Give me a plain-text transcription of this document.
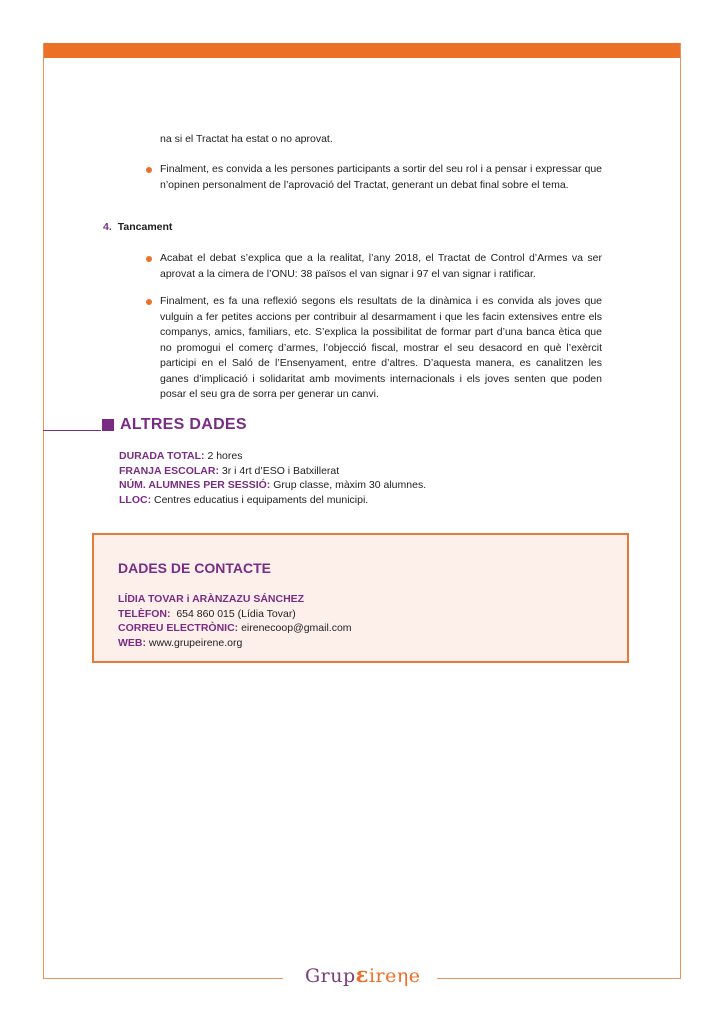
na si el Tractat ha estat o no aprovat.

Finalment, es convida a les persones participants a sortir del seu rol i a pensar i expressar que n’opinen personalment de l’aprovació del Tractat, generant un debat final sobre el tema.
4. Tancament
Acabat el debat s’explica que a la realitat, l’any 2018, el Tractat de Control d’Armes va ser aprovat a la cimera de l’ONU: 38 països el van signar i 97 el van signar i ratificar.
Finalment, es fa una reflexió segons els resultats de la dinàmica i es convida als joves que vulguin a fer petites accions per contribuir al desarmament i que les facin extensives entre els companys, amics, familiars, etc. S’explica la possibilitat de formar part d’una banca ètica que no promogui el comerç d’armes, l’objecció fiscal, mostrar el seu desacord en què l’exèrcit participi en el Saló de l’Ensenyament, entre d’altres. D’aquesta manera, es canalitzen les ganes d’implicació i solidaritat amb moviments internacionals i els joves senten que poden posar el seu gra de sorra per generar un canvi.
ALTRES DADES
DURADA TOTAL: 2 hores
FRANJA ESCOLAR: 3r i 4rt d’ESO i Batxillerat
NÚM. ALUMNES PER SESSIÓ: Grup classe, màxim 30 alumnes.
LLOC: Centres educatius i equipaments del municipi.
DADES DE CONTACTE
LÍDIA TOVAR i ARÀNZAZU SÁNCHEZ
TELÈFON:  654 860 015 (Lídia Tovar)
CORREU ELECTRÒNIC: eirenecoop@gmail.com
WEB: www.grupeirene.org
Grupεireηe
